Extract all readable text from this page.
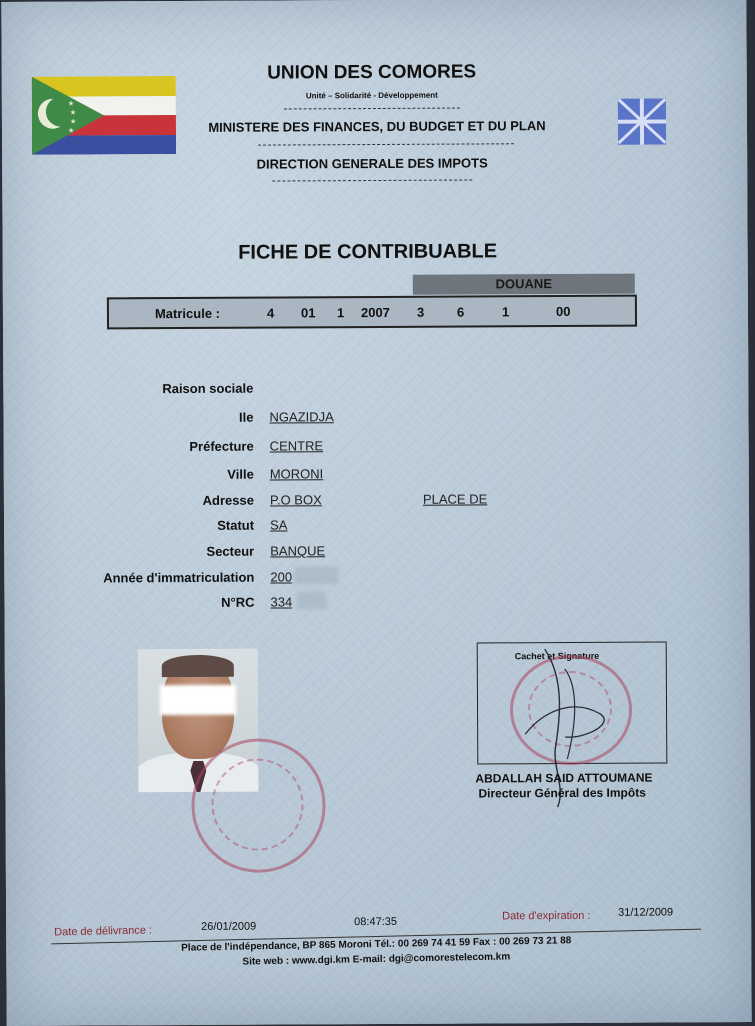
★
★
★
★
UNION DES COMORES
Unité – Solidarité - Développement
MINISTERE DES FINANCES, DU BUDGET ET DU PLAN
DIRECTION GENERALE DES IMPOTS
FICHE DE CONTRIBUABLE
DOUANE
Matricule :	4 01 1 2007 3	6	1	00
Raison sociale
Ile NGAZIDJA
Préfecture CENTRE
Ville MORONI
Adresse P.O BOX	PLACE DE
Statut SA
Secteur BANQUE
Année d'immatriculation 200
N°RC 334
Cachet et Signature
ABDALLAH SAID ATTOUMANE
Directeur Général des Impôts
Date de délivrance :	26/01/2009	08:47:35	Date d'expiration :	31/12/2009
Place de l'indépendance, BP 865 Moroni Tél.: 00 269 74 41 59 Fax : 00 269 73 21 88
Site web : www.dgi.km E-mail: dgi@comorestelecom.km
